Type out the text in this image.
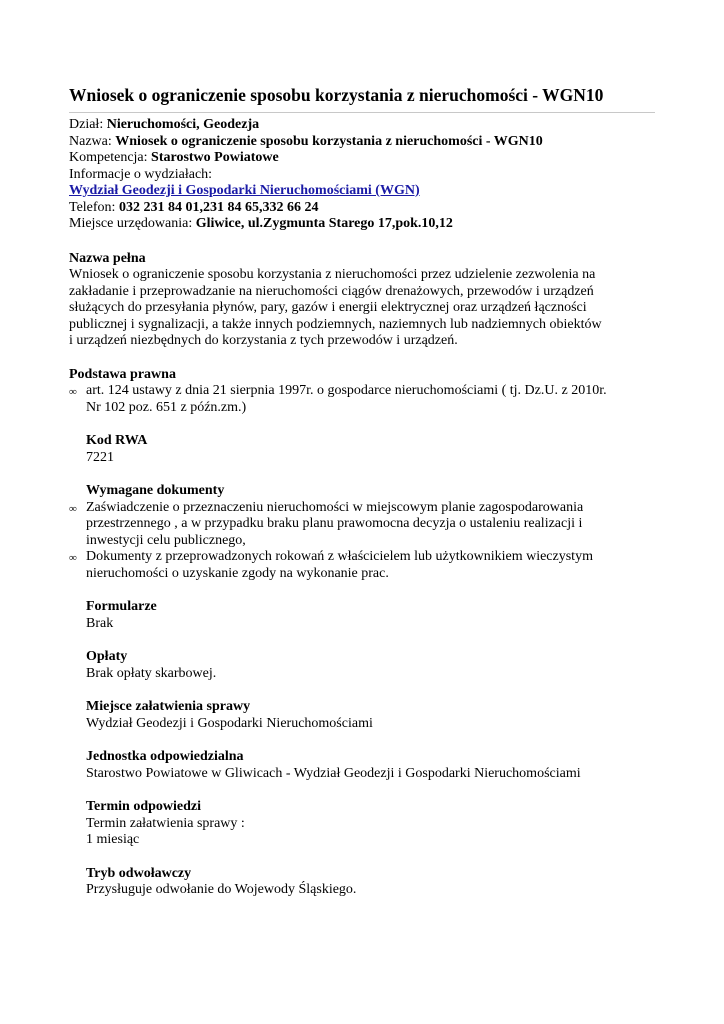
Wniosek o ograniczenie sposobu korzystania z nieruchomości - WGN10
Dział: Nieruchomości, Geodezja
Nazwa: Wniosek o ograniczenie sposobu korzystania z nieruchomości - WGN10
Kompetencja: Starostwo Powiatowe
Informacje o wydziałach:
Wydział Geodezji i Gospodarki Nieruchomościami (WGN)
Telefon: 032 231 84 01,231 84 65,332 66 24
Miejsce urzędowania: Gliwice, ul.Zygmunta Starego 17,pok.10,12
Nazwa pełna
Wniosek o ograniczenie sposobu korzystania z nieruchomości przez udzielenie zezwolenia na
zakładanie i przeprowadzanie na nieruchomości ciągów drenażowych, przewodów i urządzeń
służących do przesyłania płynów, pary, gazów i energii elektrycznej oraz urządzeń łączności
publicznej i sygnalizacji, a także innych podziemnych, naziemnych lub nadziemnych obiektów
i urządzeń niezbędnych do korzystania z tych przewodów i urządzeń.
Podstawa prawna
∞ art. 124 ustawy z dnia 21 sierpnia 1997r. o gospodarce nieruchomościami ( tj. Dz.U. z 2010r.
Nr 102 poz. 651 z późn.zm.)
Kod RWA
7221
Wymagane dokumenty
∞ Zaświadczenie o przeznaczeniu nieruchomości w miejscowym planie zagospodarowania
przestrzennego , a w przypadku braku planu prawomocna decyzja o ustaleniu realizacji i
inwestycji celu publicznego,
∞ Dokumenty z przeprowadzonych rokowań z właścicielem lub użytkownikiem wieczystym
nieruchomości o uzyskanie zgody na wykonanie prac.
Formularze
Brak
Opłaty
Brak opłaty skarbowej.
Miejsce załatwienia sprawy
Wydział Geodezji i Gospodarki Nieruchomościami
Jednostka odpowiedzialna
Starostwo Powiatowe w Gliwicach - Wydział Geodezji i Gospodarki Nieruchomościami
Termin odpowiedzi
Termin załatwienia sprawy :
1 miesiąc
Tryb odwoławczy
Przysługuje odwołanie do Wojewody Śląskiego.
